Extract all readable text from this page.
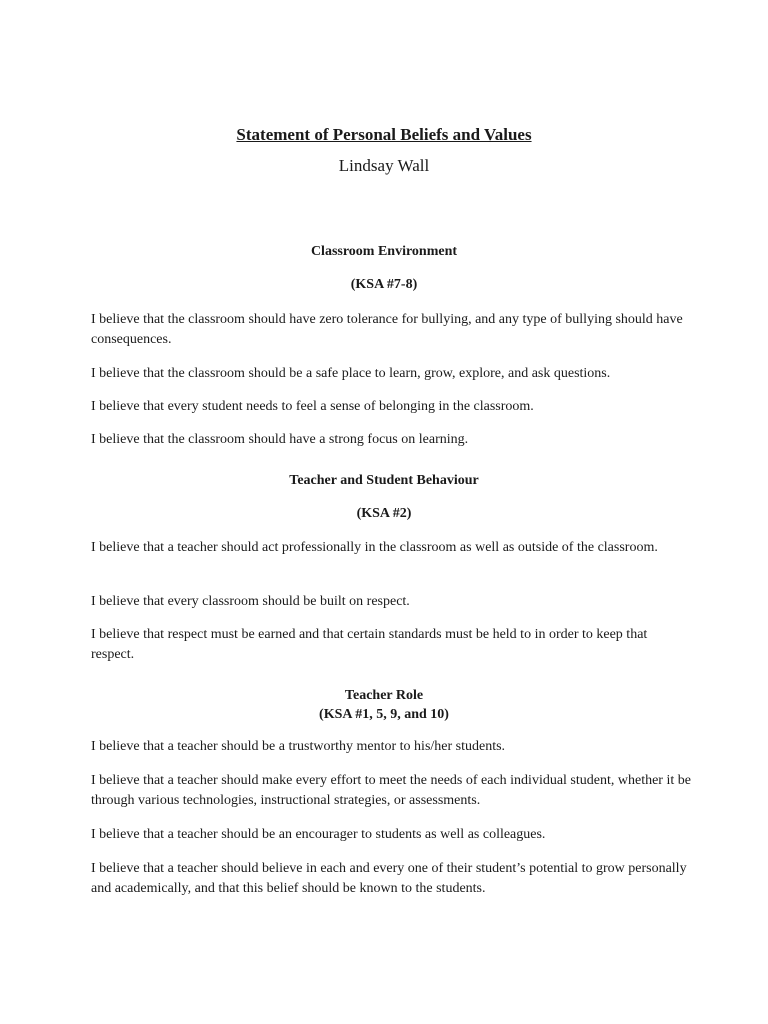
Statement of Personal Beliefs and Values
Lindsay Wall
Classroom Environment
(KSA #7-8)
I believe that the classroom should have zero tolerance for bullying, and any type of bullying should have consequences.
I believe that the classroom should be a safe place to learn, grow, explore, and ask questions.
I believe that every student needs to feel a sense of belonging in the classroom.
I believe that the classroom should have a strong focus on learning.
Teacher and Student Behaviour
(KSA #2)
I believe that a teacher should act professionally in the classroom as well as outside of the classroom.
I believe that every classroom should be built on respect.
I believe that respect must be earned and that certain standards must be held to in order to keep that respect.
Teacher Role
(KSA #1, 5, 9, and 10)
I believe that a teacher should be a trustworthy mentor to his/her students.
I believe that a teacher should make every effort to meet the needs of each individual student, whether it be through various technologies, instructional strategies, or assessments.
I believe that a teacher should be an encourager to students as well as colleagues.
I believe that a teacher should believe in each and every one of their student’s potential to grow personally and academically, and that this belief should be known to the students.
